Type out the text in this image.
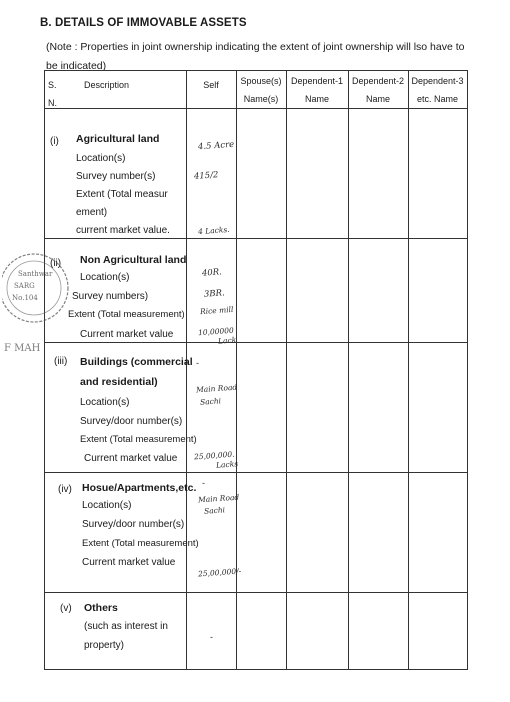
B. DETAILS OF IMMOVABLE ASSETS
(Note : Properties in joint ownership indicating the extent of joint ownership will lso have to be indicated)
S.
N.
Description	Self	Spouse(s)
Name(s)
Dependent-1
Name
Dependent-2
Name
Dependent-3
etc. Name
(i) Agricultural land
Location(s)
Survey number(s)
Extent (Total measur
ement)
current market value.
4.5 Acre
415/2
4 Lacks.
(ii) Non Agricultural land
Location(s)
Survey numbers)
Extent (Total measurement)
Current market value
40R.
3BR.
Rice mill
10,00000
Lack
(iii) Buildings (commercial
and residential)
Location(s)
Survey/door number(s)
Extent (Total measurement)
Current market value
-
Main Road
Sachi
25,00,000.
Lacks
(iv) Hosue/Apartments,etc.
Location(s)
Survey/door number(s)
Extent (Total measurement)
Current market value
-
Main Road
Sachi
25,00,000/-
(v) Others
(such as interest in
property)
-
Santhwar
SARG
No.104
F MAH
